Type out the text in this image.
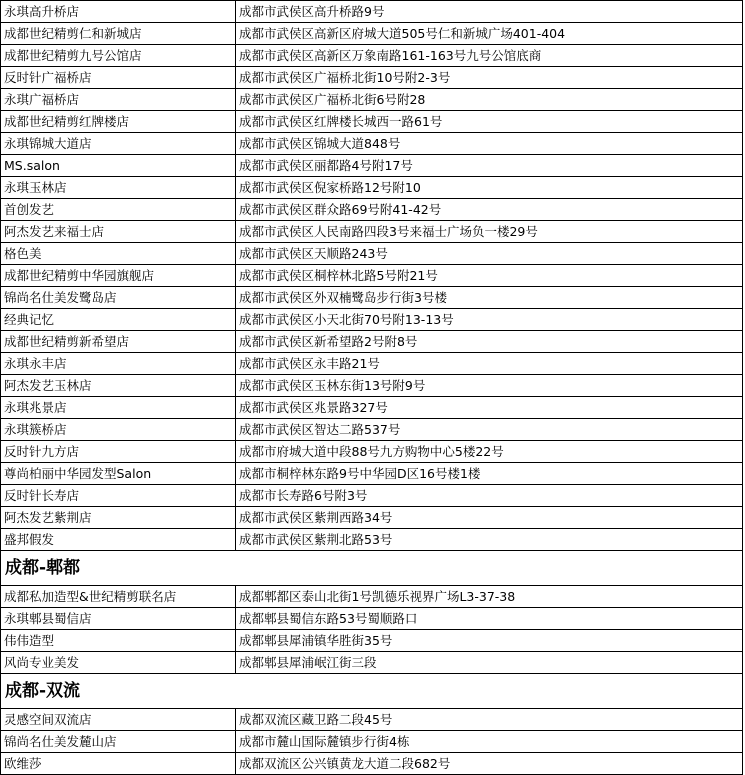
永琪高升桥店	成都市武侯区高升桥路9号
成都世纪精剪仁和新城店	成都市武侯区高新区府城大道505号仁和新城广场401-404
成都世纪精剪九号公馆店	成都市武侯区高新区万象南路161-163号九号公馆底商
反时针广福桥店	成都市武侯区广福桥北街10号附2-3号
永琪广福桥店	成都市武侯区广福桥北街6号附28
成都世纪精剪红牌楼店	成都市武侯区红牌楼长城西一路61号
永琪锦城大道店	成都市武侯区锦城大道848号
MS.salon	成都市武侯区丽都路4号附17号
永琪玉林店	成都市武侯区倪家桥路12号附10
首创发艺	成都市武侯区群众路69号附41-42号
阿杰发艺来福士店	成都市武侯区人民南路四段3号来福士广场负一楼29号
格色美	成都市武侯区天顺路243号
成都世纪精剪中华园旗舰店	成都市武侯区桐梓林北路5号附21号
锦尚名仕美发鹭岛店	成都市武侯区外双楠鹭岛步行街3号楼
经典记忆	成都市武侯区小天北街70号附13-13号
成都世纪精剪新希望店	成都市武侯区新希望路2号附8号
永琪永丰店	成都市武侯区永丰路21号
阿杰发艺玉林店	成都市武侯区玉林东街13号附9号
永琪兆景店	成都市武侯区兆景路327号
永琪簇桥店	成都市武侯区智达二路537号
反时针九方店	成都市府城大道中段88号九方购物中心5楼22号
尊尚柏丽中华园发型Salon	成都市桐梓林东路9号中华园D区16号楼1楼
反时针长寿店	成都市长寿路6号附3号
阿杰发艺紫荆店	成都市武侯区紫荆西路34号
盛邦假发	成都市武侯区紫荆北路53号
成都-郫都
成都私加造型&世纪精剪联名店	成都郫都区泰山北街1号凯德乐视界广场L3-37-38
永琪郫县蜀信店	成都郫县蜀信东路53号蜀顺路口
伟伟造型	成都郫县犀浦镇华胜街35号
风尚专业美发	成都郫县犀浦岷江街三段
成都-双流
灵感空间双流店	成都双流区藏卫路二段45号
锦尚名仕美发麓山店	成都市麓山国际麓镇步行街4栋
欧维莎	成都双流区公兴镇黄龙大道二段682号
